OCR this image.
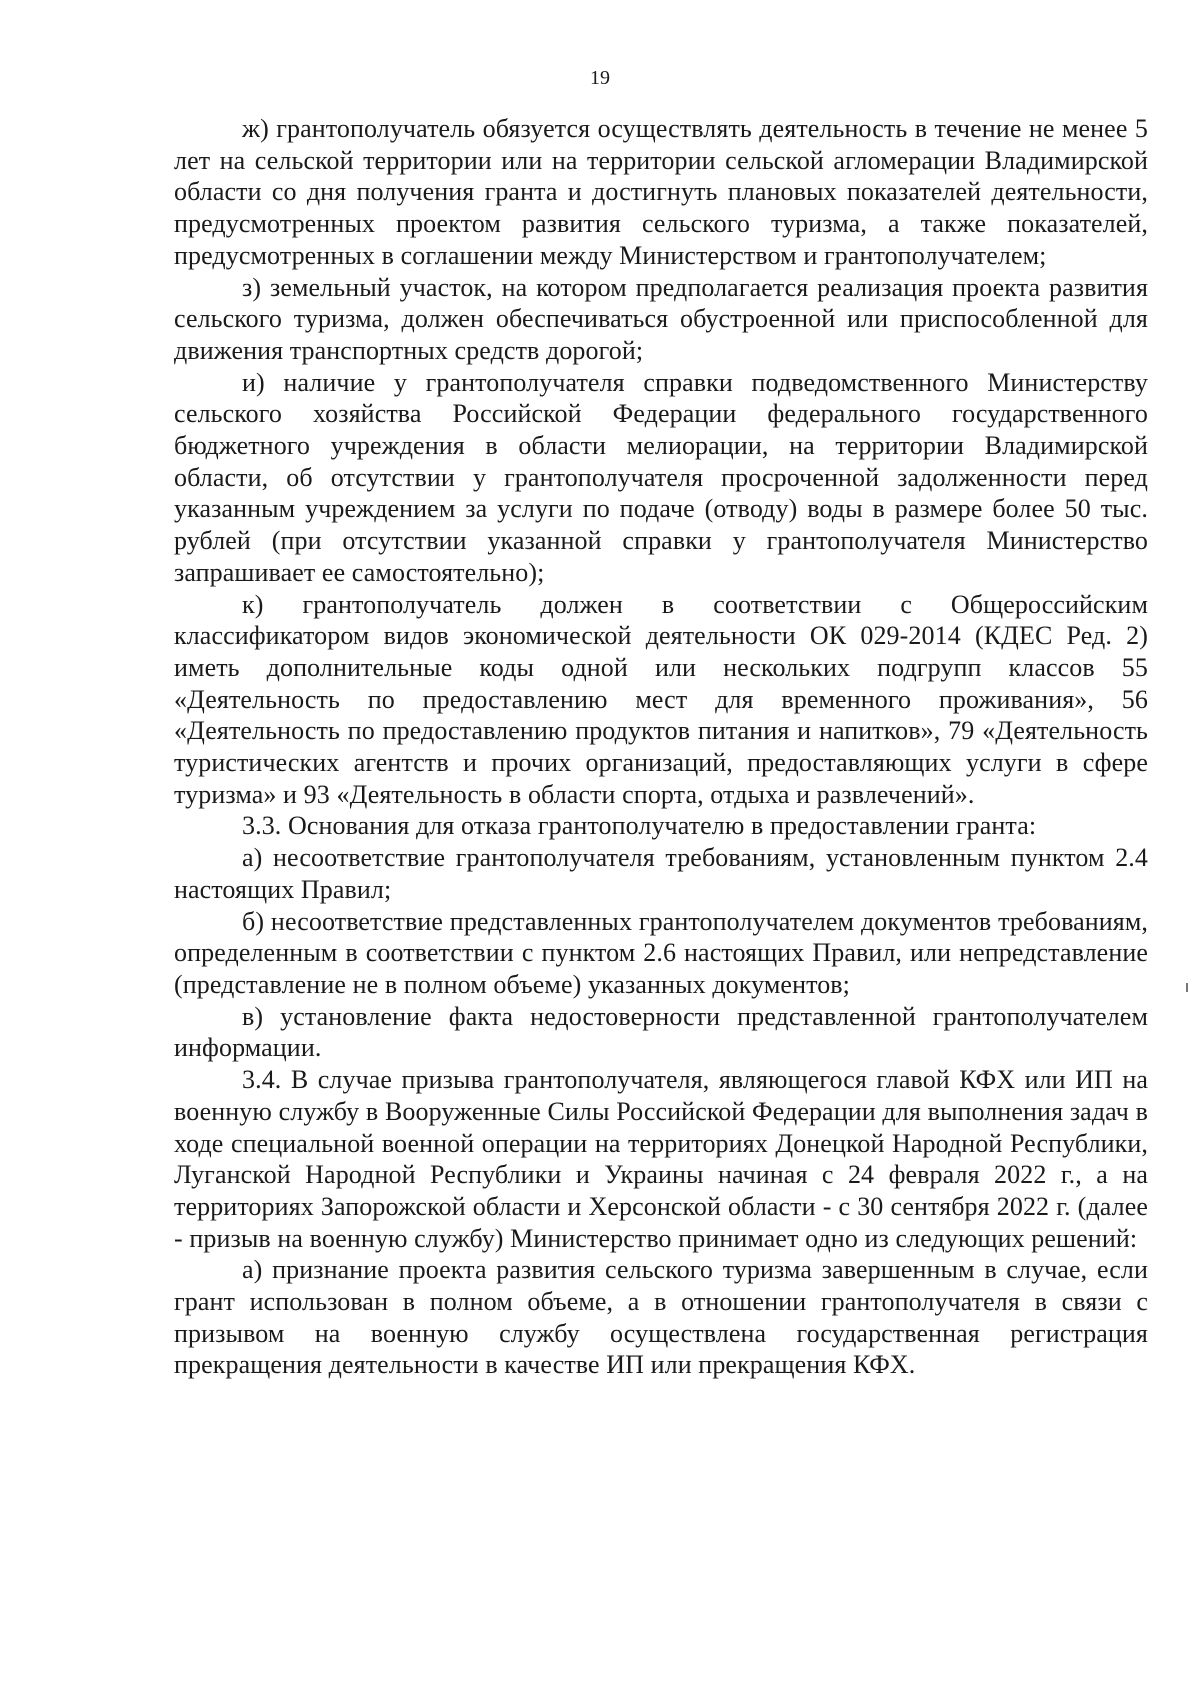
19

ж) грантополучатель обязуется осуществлять деятельность в течение не менее 5 лет на сельской территории или на территории сельской агломерации Владимирской области со дня получения гранта и достигнуть плановых показателей деятельности, предусмотренных проектом развития сельского туризма, а также показателей, предусмотренных в соглашении между Министерством и грантополучателем;

з) земельный участок, на котором предполагается реализация проекта развития сельского туризма, должен обеспечиваться обустроенной или приспособленной для движения транспортных средств дорогой;

и) наличие у грантополучателя справки подведомственного Министерству сельского хозяйства Российской Федерации федерального государственного бюджетного учреждения в области мелиорации, на территории Владимирской области, об отсутствии у грантополучателя просроченной задолженности перед указанным учреждением за услуги по подаче (отводу) воды в размере более 50 тыс. рублей (при отсутствии указанной справки у грантополучателя Министерство запрашивает ее самостоятельно);

к) грантополучатель должен в соответствии с Общероссийским классификатором видов экономической деятельности ОК 029-2014 (КДЕС Ред. 2) иметь дополнительные коды одной или нескольких подгрупп классов 55 «Деятельность по предоставлению мест для временного проживания», 56 «Деятельность по предоставлению продуктов питания и напитков», 79 «Деятельность туристических агентств и прочих организаций, предоставляющих услуги в сфере туризма» и 93 «Деятельность в области спорта, отдыха и развлечений».

3.3. Основания для отказа грантополучателю в предоставлении гранта:

а) несоответствие грантополучателя требованиям, установленным пунктом 2.4 настоящих Правил;

б) несоответствие представленных грантополучателем документов требованиям, определенным в соответствии с пунктом 2.6 настоящих Правил, или непредставление (представление не в полном объеме) указанных документов;

в) установление факта недостоверности представленной грантополучателем информации.

3.4. В случае призыва грантополучателя, являющегося главой КФХ или ИП на военную службу в Вооруженные Силы Российской Федерации для выполнения задач в ходе специальной военной операции на территориях Донецкой Народной Республики, Луганской Народной Республики и Украины начиная с 24 февраля 2022 г., а на территориях Запорожской области и Херсонской области - с 30 сентября 2022 г. (далее - призыв на военную службу) Министерство принимает одно из следующих решений:

а) признание проекта развития сельского туризма завершенным в случае, если грант использован в полном объеме, а в отношении грантополучателя в связи с призывом на военную службу осуществлена государственная регистрация прекращения деятельности в качестве ИП или прекращения КФХ.
